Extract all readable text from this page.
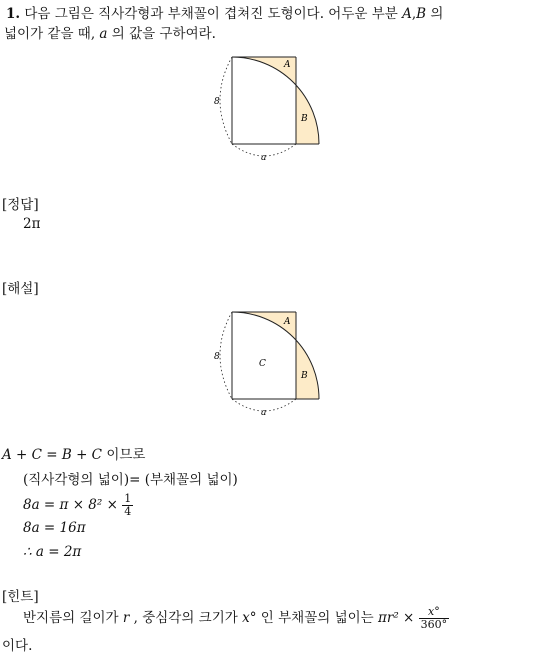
1. 다음 그림은 직사각형과 부채꼴이 겹쳐진 도형이다. 어두운 부분 A,B 의
넓이가 같을 때, a 의 값을 구하여라.
8
a
A
B
[정답]
2π
[해설]
8
a
A
B
C
A + C = B + C 이므로
(직사각형의 넓이)= (부채꼴의 넓이)
$8a = \pi \times 8^2 \times \frac{1}{4}$
8a = 16π
∴ a = 2π
[힌트]
반지름의 길이가 r , 중심각의 크기가 x° 인 부채꼴의 넓이는 $\pi r^2 \times \frac{x^\circ}{360^\circ}$
이다.
